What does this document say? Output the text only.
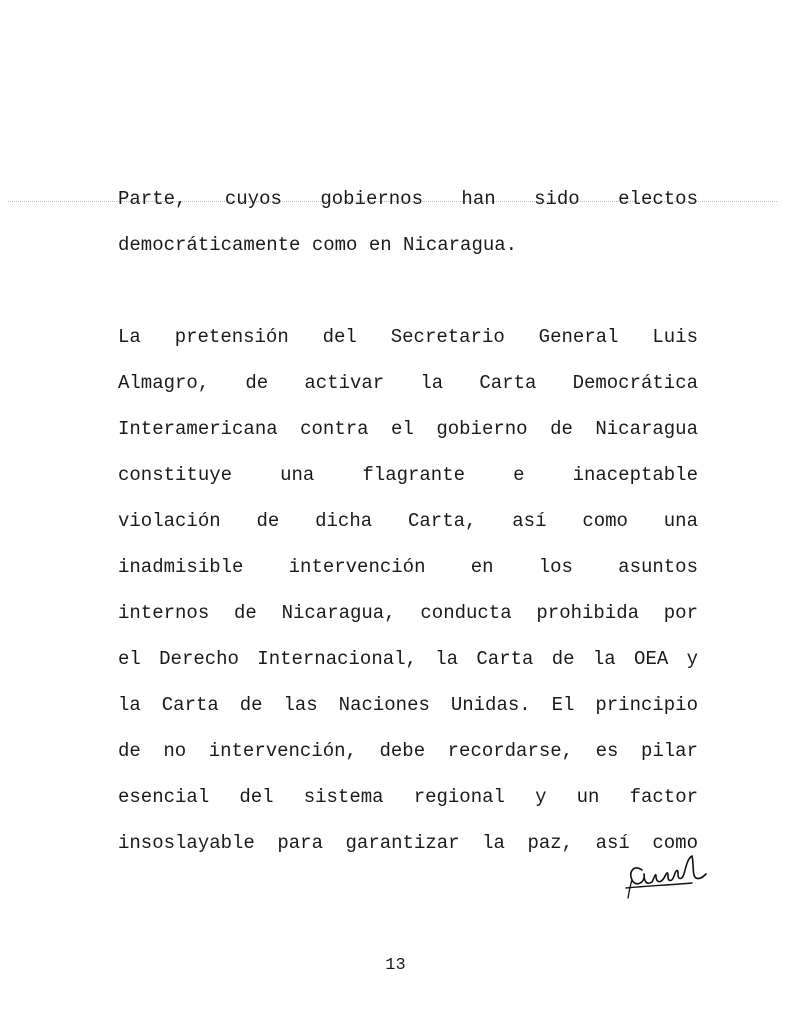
Parte, cuyos gobiernos han sido electos
democráticamente como en Nicaragua.
La pretensión del Secretario General Luis
Almagro, de activar la Carta Democrática
Interamericana contra el gobierno de Nicaragua
constituye una flagrante e inaceptable
violación de dicha Carta, así como una
inadmisible intervención en los asuntos
internos de Nicaragua, conducta prohibida por
el Derecho Internacional, la Carta de la OEA y
la Carta de las Naciones Unidas. El principio
de no intervención, debe recordarse, es pilar
esencial del sistema regional y un factor
insoslayable para garantizar la paz, así como
13
